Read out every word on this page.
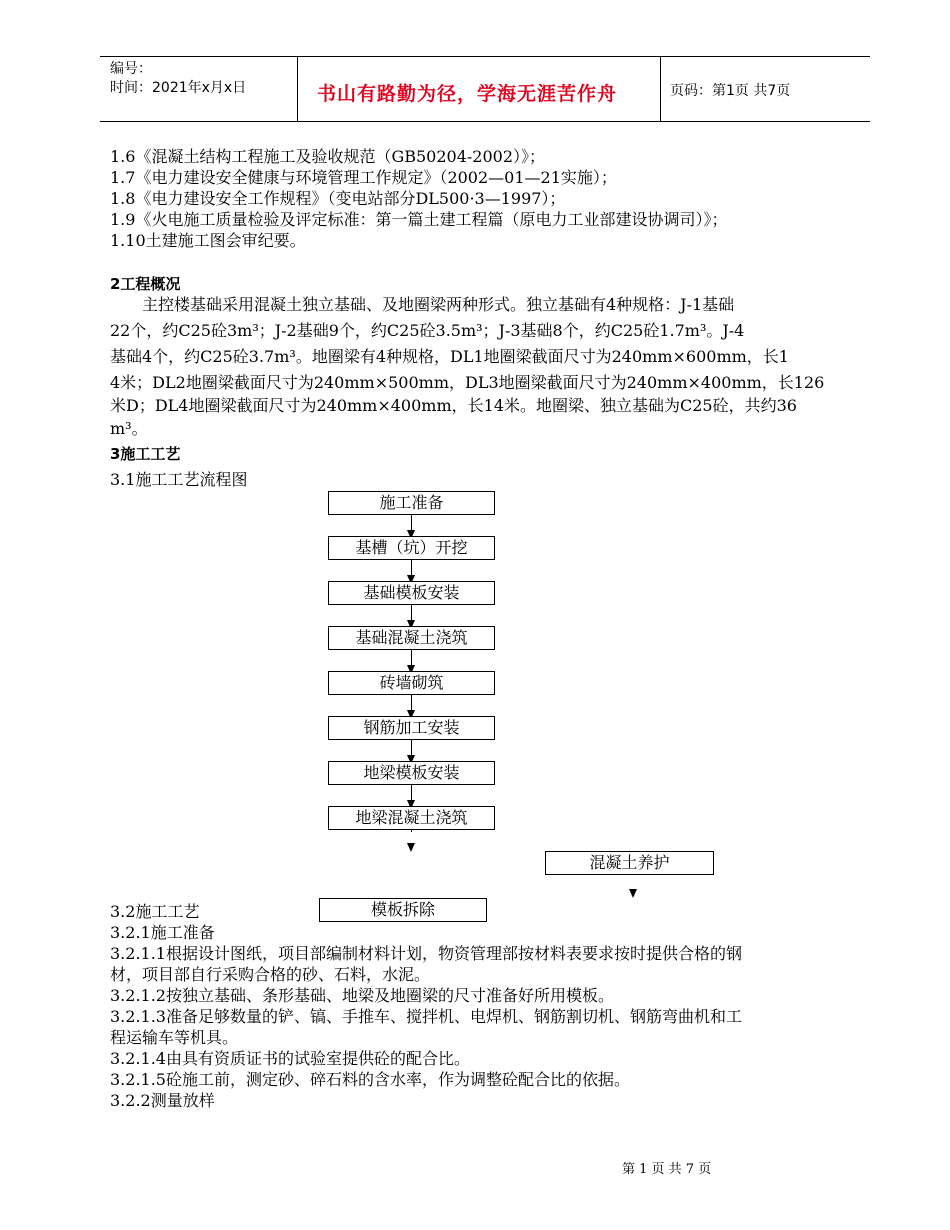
编号：
时间：2021年x月x日	书山有路勤为径，学海无涯苦作舟	页码：第1页 共7页
1.6《混凝土结构工程施工及验收规范（GB50204-2002）》；
1.7《电力建设安全健康与环境管理工作规定》（2002—01—21实施）；
1.8《电力建设安全工作规程》（变电站部分DL500·3—1997）；
1.9《火电施工质量检验及评定标准：第一篇土建工程篇（原电力工业部建设协调司）》；
1.10土建施工图会审纪要。
2工程概况
　　主控楼基础采用混凝土独立基础、及地圈梁两种形式。独立基础有4种规格：J-1基础
22个，约C25砼3m³；J-2基础9个，约C25砼3.5m³；J-3基础8个，约C25砼1.7m³。J-4
基础4个，约C25砼3.7m³。地圈梁有4种规格，DL1地圈梁截面尺寸为240mm×600mm，长1
4米；DL2地圈梁截面尺寸为240mm×500mm，DL3地圈梁截面尺寸为240mm×400mm，长126
米D；DL4地圈梁截面尺寸为240mm×400mm，长14米。地圈梁、独立基础为C25砼，共约36
m³。
3施工工艺
3.1施工工艺流程图
施工准备
基槽（坑）开挖
基础模板安装
基础混凝土浇筑
砖墙砌筑
钢筋加工安装
地梁模板安装
地梁混凝土浇筑
混凝土养护
模板拆除
3.2施工工艺
3.2.1施工准备
3.2.1.1根据设计图纸，项目部编制材料计划，物资管理部按材料表要求按时提供合格的钢
材，项目部自行采购合格的砂、石料，水泥。
3.2.1.2按独立基础、条形基础、地梁及地圈梁的尺寸准备好所用模板。
3.2.1.3准备足够数量的铲、镐、手推车、搅拌机、电焊机、钢筋割切机、钢筋弯曲机和工
程运输车等机具。
3.2.1.4由具有资质证书的试验室提供砼的配合比。
3.2.1.5砼施工前，测定砂、碎石料的含水率，作为调整砼配合比的依据。
3.2.2测量放样
第 1 页 共 7 页
